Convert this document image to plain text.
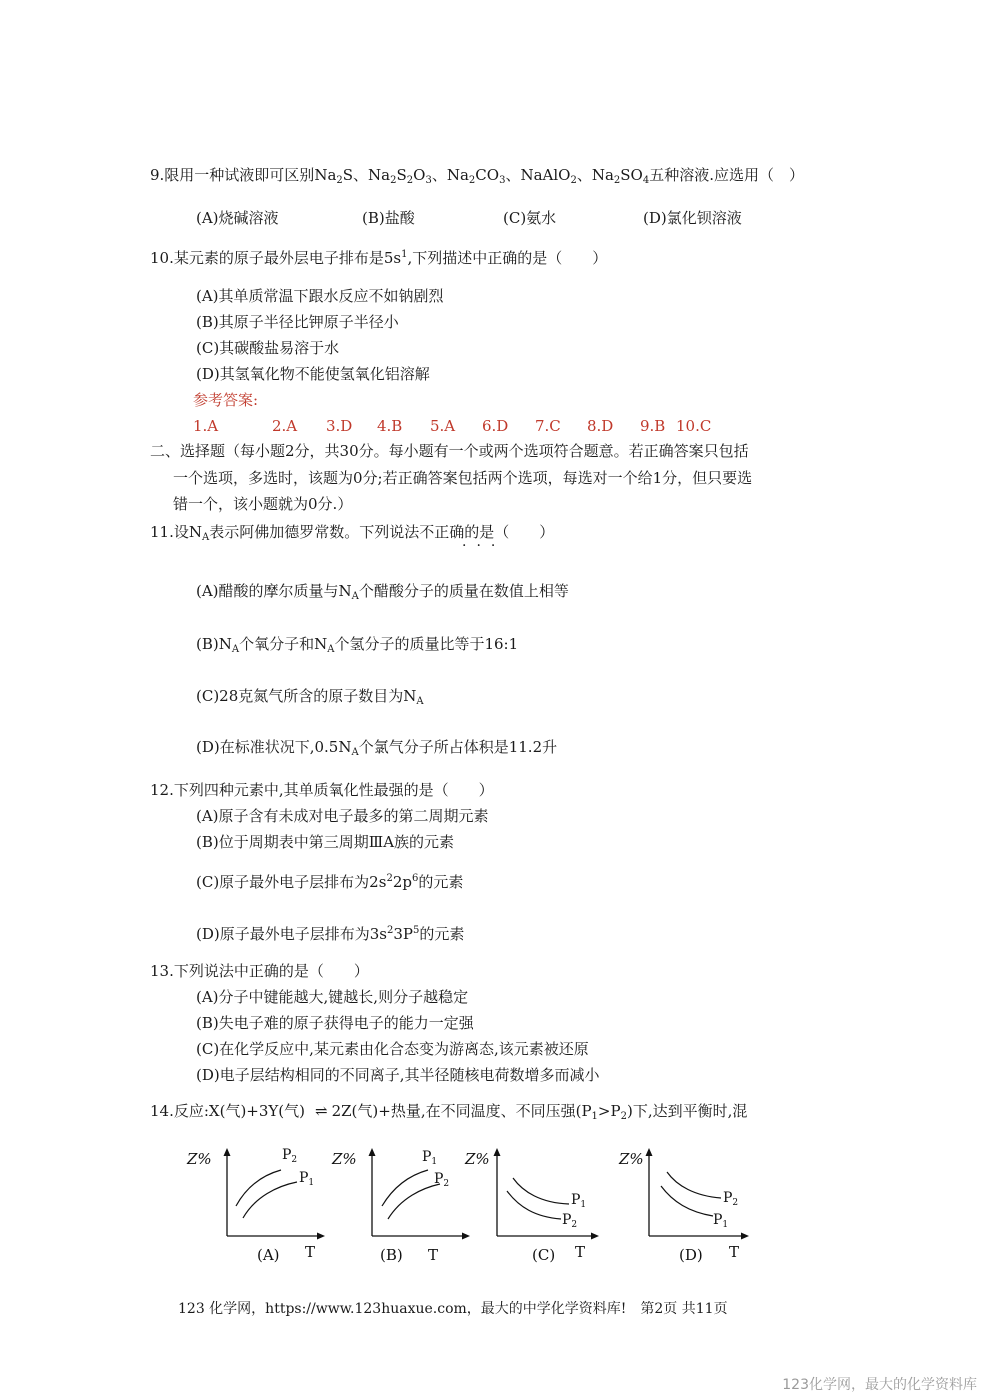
9.限用一种试液即可区别$Na_2S$、$Na_2S_2O_3$、$Na_2CO_3$、NaAlO$_2$、$Na_2SO_4$五种溶液.应选用（　）
(A)烧碱溶液	(B)盐酸	(C)氨水	(D)氯化钡溶液
10.某元素的原子最外层电子排布是$5s^1$,下列描述中正确的是（　　）
(A)其单质常温下跟水反应不如钠剧烈
(B)其原子半径比钾原子半径小
(C)其碳酸盐易溶于水
(D)其氢氧化物不能使氢氧化铝溶解
参考答案:
1.A	2.A 3.D 4.B 5.A 6.D 7.C 8.D 9.B 10.C
二、选择题（每小题2分，共30分。每小题有一个或两个选项符合题意。若正确答案只包括
一个选项，多选时，该题为0分;若正确答案包括两个选项，每选对一个给1分，但只要选
错一个，该小题就为0分.）
11.设$N_A$表示阿佛加德罗常数。下列说法不正确的是（　　）
···
(A)醋酸的摩尔质量与$N_A$个醋酸分子的质量在数值上相等
$(B)N_A$个氧分子和$N_A$个氢分子的质量比等于16:1
(C)28克氮气所含的原子数目为$N_A$
(D)在标准状况下$,0.5N_A$个氯气分子所占体积是11.2升
12.下列四种元素中,其单质氧化性最强的是（　　）
(A)原子含有未成对电子最多的第二周期元素
(B)位于周期表中第三周期ⅢA族的元素
(C)原子最外电子层排布为$2s^22p^6$的元素
(D)原子最外电子层排布为$3s^23P^5$的元素
13.下列说法中正确的是（　　）
(A)分子中键能越大,键越长,则分子越稳定
(B)失电子难的原子获得电子的能力一定强
(C)在化学反应中,某元素由化合态变为游离态,该元素被还原
(D)电子层结构相同的不同离子,其半径随核电荷数增多而减小
14.反应:X(气)+3Y(气) ⇌ 2Z(气)+热量,在不同温度、不同压强$(P_1>P_2)$下,达到平衡时,混
Z%
T
$P_2$
$P_1$
(A)
Z%
T
$P_1$
$P_2$
(B)
Z%
T
$P_1$
$P_2$
(C)
Z%
T
$P_2$
$P_1$
(D)
123 化学网，https://www.123huaxue.com，最大的中学化学资料库!　第2页 共11页
123化学网，最大的化学资料库
